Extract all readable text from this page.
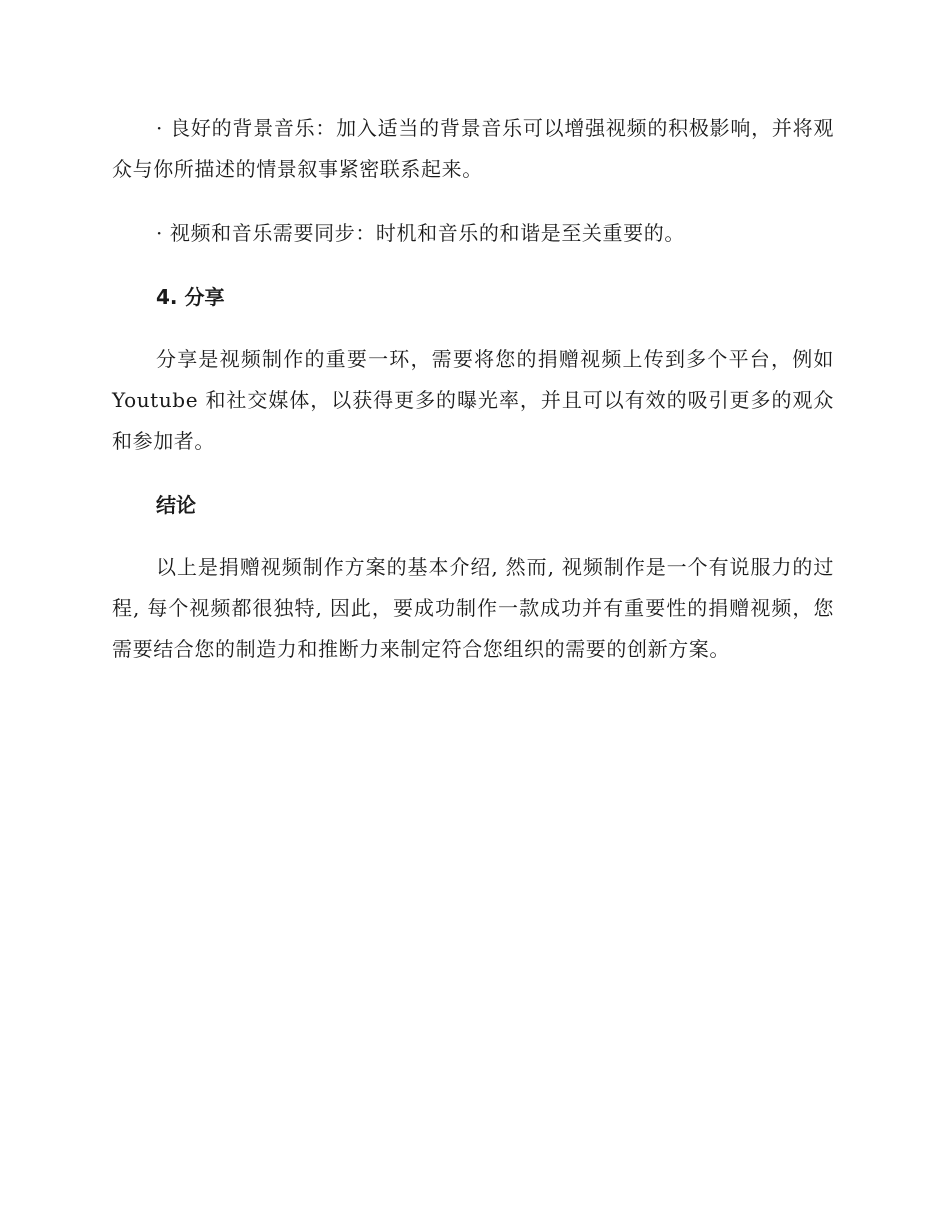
· 良好的背景音乐：加入适当的背景音乐可以增强视频的积极影响，并将观众与你所描述的情景叙事紧密联系起来。

· 视频和音乐需要同步：时机和音乐的和谐是至关重要的。

4. 分享

分享是视频制作的重要一环，需要将您的捐赠视频上传到多个平台，例如 Youtube 和社交媒体，以获得更多的曝光率，并且可以有效的吸引更多的观众和参加者。

结论

以上是捐赠视频制作方案的基本介绍, 然而, 视频制作是一个有说服力的过程, 每个视频都很独特, 因此，要成功制作一款成功并有重要性的捐赠视频，您需要结合您的制造力和推断力来制定符合您组织的需要的创新方案。
